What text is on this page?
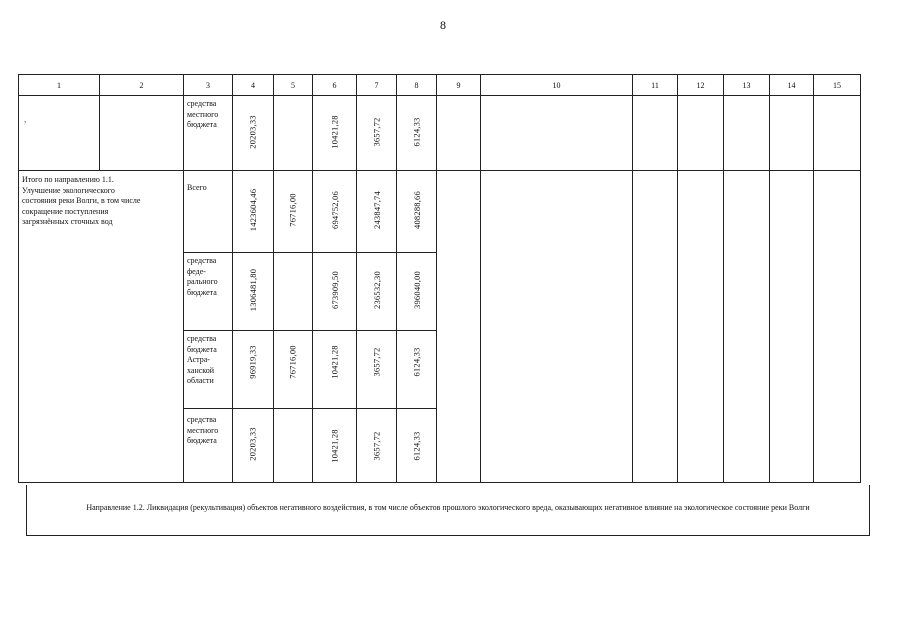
8
,
1	2	3	4	5	6	7	8	9	10	11	12	13	14	15

		средства
местного
бюджета	20203,33		10421,28	3657,72	6124,33							

Итого по направлению 1.1.
Улучшение экологического
состояния реки Волги, в том числе
сокращение поступления
загрязнённых сточных вод		Всего	1423604,46	76716,00	694752,06	243847,74	408288,66							

		средства
феде-
рального
бюджета	1306481,80		673909,50	236532,30	396040,00							

		средства
бюджета
Астра-
ханской
области	96919,33	76716,00	10421,28	3657,72	6124,33							

		средства
местного
бюджета	20203,33		10421,28	3657,72	6124,33							
Направление 1.2. Ликвидация (рекультивация) объектов негативного воздействия, в том числе объектов прошлого экологического вреда, оказывающих негативное влияние на экологическое состояние реки Волги
